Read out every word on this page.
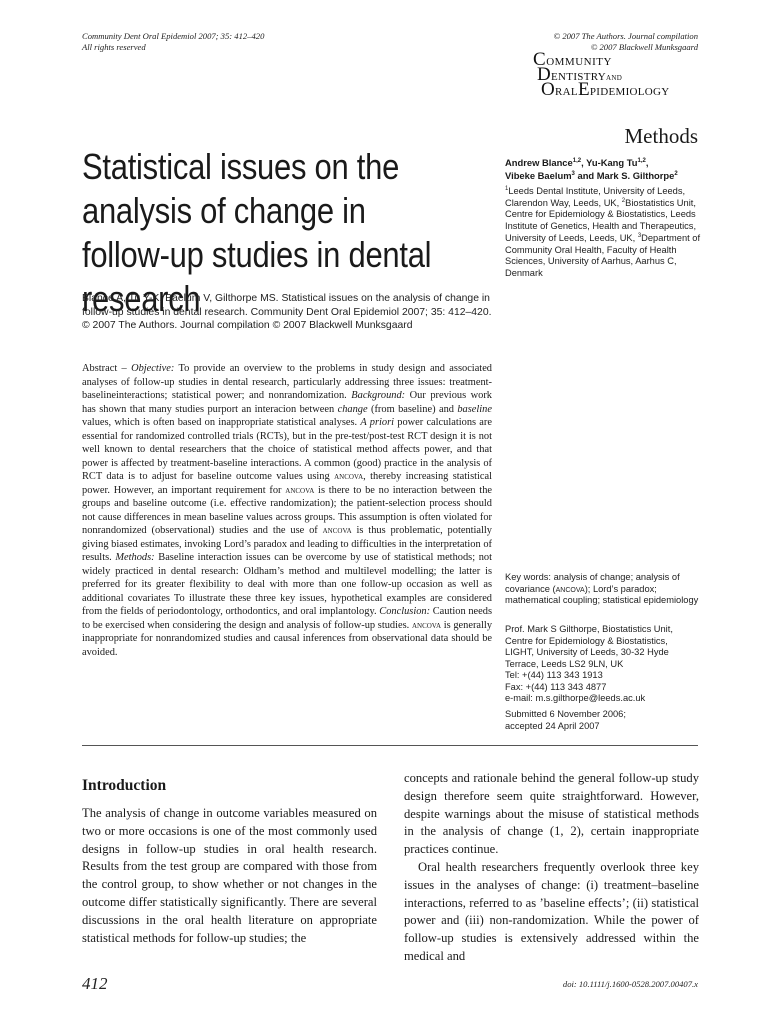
Community Dent Oral Epidemiol 2007; 35: 412–420
All rights reserved
© 2007 The Authors. Journal compilation
© 2007 Blackwell Munksgaard
COMMUNITY
DENTISTRYAND
ORALEPIDEMIOLOGY
Methods
Statistical issues on the analysis of change in follow-up studies in dental research
Andrew Blance$^{1,2}$, Yu-Kang Tu$^{1,2}$,
Vibeke Baelum$^3$ and Mark S. Gilthorpe$^2$
$^1$Leeds Dental Institute, University of Leeds, Clarendon Way, Leeds, UK, $^2$Biostatistics Unit, Centre for Epidemiology & Biostatistics, Leeds Institute of Genetics, Health and Therapeutics, University of Leeds, Leeds, UK, $^3$Department of Community Oral Health, Faculty of Health Sciences, University of Aarhus, Aarhus C, Denmark
Blance A, Tu Y-K, Baelum V, Gilthorpe MS. Statistical issues on the analysis of change in follow-up studies in dental research. Community Dent Oral Epidemiol 2007; 35: 412–420. © 2007 The Authors. Journal compilation © 2007 Blackwell Munksgaard
Abstract – Objective: To provide an overview to the problems in study design and associated analyses of follow-up studies in dental research, particularly addressing three issues: treatment-baselineinteractions; statistical power; and nonrandomization. Background: Our previous work has shown that many studies purport an interacion between change (from baseline) and baseline values, which is often based on inappropriate statistical analyses. A priori power calculations are essential for randomized controlled trials (RCTs), but in the pre-test/post-test RCT design it is not well known to dental researchers that the choice of statistical method affects power, and that power is affected by treatment-baseline interactions. A common (good) practice in the analysis of RCT data is to adjust for baseline outcome values using ancova, thereby increasing statistical power. However, an important requirement for ancova is there to be no interaction between the groups and baseline outcome (i.e. effective randomization); the patient-selection process should not cause differences in mean baseline values across groups. This assumption is often violated for nonrandomized (observational) studies and the use of ancova is thus problematic, potentially giving biased estimates, invoking Lord’s paradox and leading to difficulties in the interpretation of results. Methods: Baseline interaction issues can be overcome by use of statistical methods; not widely practiced in dental research: Oldham’s method and multilevel modelling; the latter is preferred for its greater flexibility to deal with more than one follow-up occasion as well as additional covariates To illustrate these three key issues, hypothetical examples are considered from the fields of periodontology, orthodontics, and oral implantology. Conclusion: Caution needs to be exercised when considering the design and analysis of follow-up studies. ancova is generally inappropriate for nonrandomized studies and causal inferences from observational data should be avoided.
Key words: analysis of change; analysis of covariance (ancova); Lord’s paradox; mathematical coupling; statistical epidemiology
Prof. Mark S Gilthorpe, Biostatistics Unit,
Centre for Epidemiology & Biostatistics,
LIGHT, University of Leeds, 30-32 Hyde
Terrace, Leeds LS2 9LN, UK
Tel: +(44) 113 343 1913
Fax: +(44) 113 343 4877
e-mail: m.s.gilthorpe@leeds.ac.uk
Submitted 6 November 2006;
accepted 24 April 2007
Introduction
The analysis of change in outcome variables measured on two or more occasions is one of the most commonly used designs in follow-up studies in oral health research. Results from the test group are compared with those from the control group, to show whether or not changes in the outcome differ statistically significantly. There are several discussions in the oral health literature on appropriate statistical methods for follow-up studies; the
concepts and rationale behind the general follow-up study design therefore seem quite straightforward. However, despite warnings about the misuse of statistical methods in the analysis of change (1, 2), certain inappropriate practices continue.
Oral health researchers frequently overlook three key issues in the analyses of change: (i) treatment–baseline interactions, referred to as ’baseline effects’; (ii) statistical power and (iii) non-randomization. While the power of follow-up studies is extensively addressed within the medical and
412	doi: 10.1111/j.1600-0528.2007.00407.x
